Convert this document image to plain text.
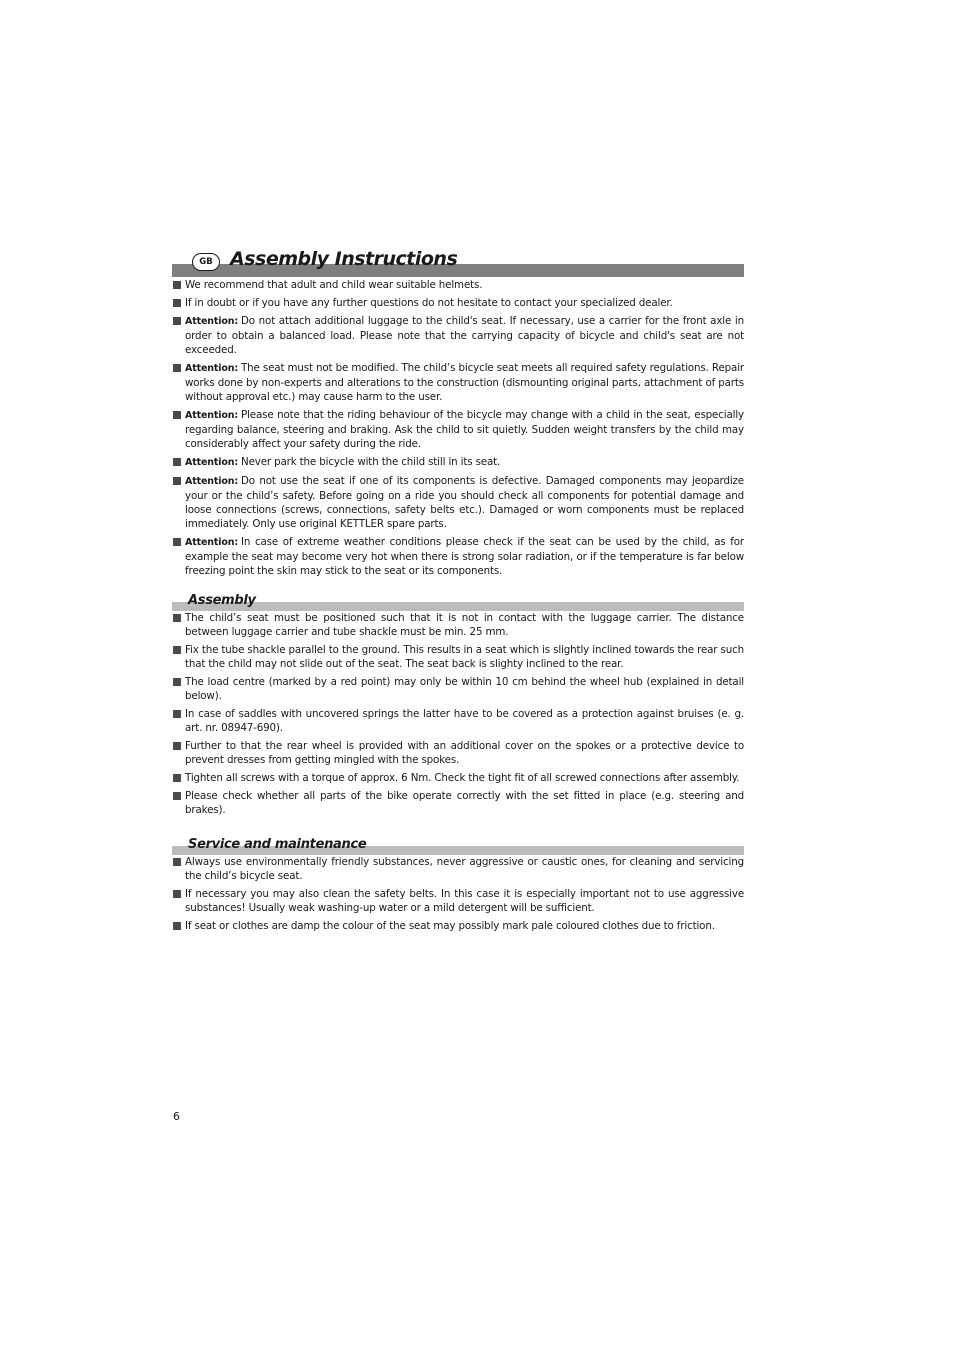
GB Assembly Instructions
We recommend that adult and child wear suitable helmets.
If in doubt or if you have any further questions do not hesitate to contact your specialized dealer.
Attention: Do not attach additional luggage to the child's seat. If necessary, use a carrier for the front axle in order to obtain a balanced load. Please note that the carrying capacity of bicycle and child's seat are not exceeded.
Attention: The seat must not be modified. The child’s bicycle seat meets all required safety regulations. Repair works done by non-experts and alterations to the construction (dismounting original parts, attachment of parts without approval etc.) may cause harm to the user.
Attention: Please note that the riding behaviour of the bicycle may change with a child in the seat, especially regarding balance, steering and braking. Ask the child to sit quietly. Sudden weight transfers by the child may considerably affect your safety during the ride.
Attention: Never park the bicycle with the child still in its seat.
Attention: Do not use the seat if one of its components is defective. Damaged components may jeopardize your or the child’s safety. Before going on a ride you should check all components for potential damage and loose connections (screws, connections, safety belts etc.). Damaged or worn components must be replaced immediately. Only use original KETTLER spare parts.
Attention: In case of extreme weather conditions please check if the seat can be used by the child, as for example the seat may become very hot when there is strong solar radiation, or if the temperature is far below freezing point the skin may stick to the seat or its components.
Assembly
The child’s seat must be positioned such that it is not in contact with the luggage carrier. The distance between luggage carrier and tube shackle must be min. 25 mm.
Fix the tube shackle parallel to the ground. This results in a seat which is slightly inclined towards the rear such that the child may not slide out of the seat. The seat back is slighty inclined to the rear.
The load centre (marked by a red point) may only be within 10 cm behind the wheel hub (explained in detail below).
In case of saddles with uncovered springs the latter have to be covered as a protection against bruises (e. g. art. nr. 08947-690).
Further to that the rear wheel is provided with an additional cover on the spokes or a protective device to prevent dresses from getting mingled with the spokes.
Tighten all screws with a torque of approx. 6 Nm. Check the tight fit of all screwed connections after assembly.
Please check whether all parts of the bike operate correctly with the set fitted in place (e.g. steering and brakes).
Service and maintenance
Always use environmentally friendly substances, never aggressive or caustic ones, for cleaning and servicing the child’s bicycle seat.
If necessary you may also clean the safety belts. In this case it is especially important not to use aggressive substances! Usually weak washing-up water or a mild detergent will be sufficient.
If seat or clothes are damp the colour of the seat may possibly mark pale coloured clothes due to friction.
6
